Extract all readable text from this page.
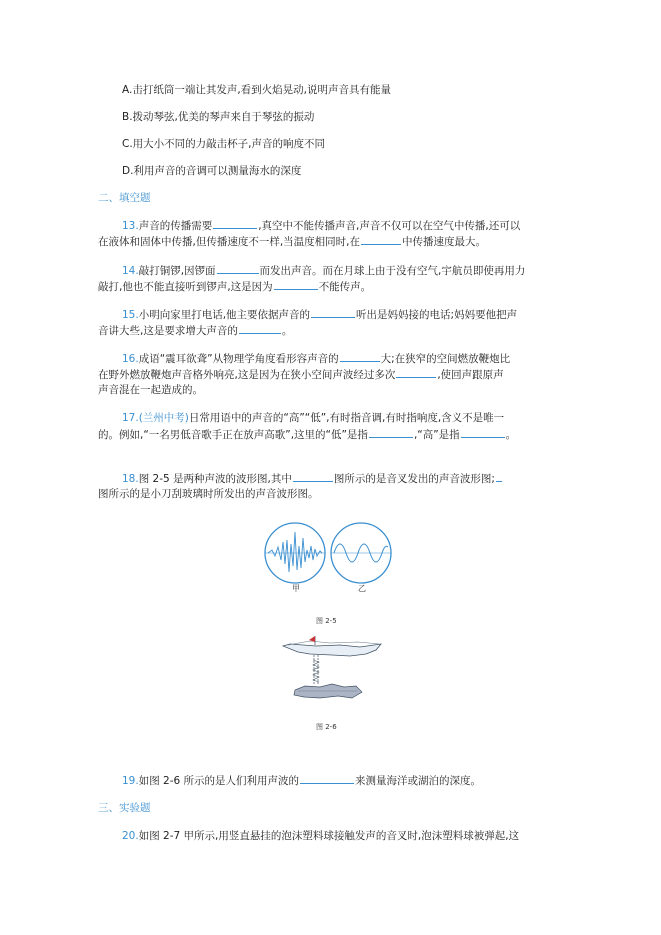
A.击打纸筒一端让其发声,看到火焰晃动,说明声音具有能量
B.拨动琴弦,优美的琴声来自于琴弦的振动
C.用大小不同的力敲击杯子,声音的响度不同
D.利用声音的音调可以测量海水的深度
二、填空题
13.声音的传播需要	,真空中不能传播声音,声音不仅可以在空气中传播,还可以
在液体和固体中传播,但传播速度不一样,当温度相同时,在	中传播速度最大。
14.敲打铜锣,因锣面	而发出声音。而在月球上由于没有空气,宇航员即使再用力
敲打,他也不能直接听到锣声,这是因为	不能传声。
15.小明向家里打电话,他主要依据声音的	听出是妈妈接的电话;妈妈要他把声
音讲大些,这是要求增大声音的	。
16.成语“震耳欲聋”从物理学角度看形容声音的	大;在狭窄的空间燃放鞭炮比
在野外燃放鞭炮声音格外响亮,这是因为在狭小空间声波经过多次	,使回声跟原声
声音混在一起造成的。
17.(兰州中考)日常用语中的声音的“高”“低”,有时指音调,有时指响度,含义不是唯一
的。例如,“一名男低音歌手正在放声高歌”,这里的“低”是指	,“高”是指	。
18.图 2-5 是两种声波的波形图,其中	图所示的是音叉发出的声音波形图;
图所示的是小刀刮玻璃时所发出的声音波形图。
甲	乙
图 2-5
图 2-6
19.如图 2-6 所示的是人们利用声波的	来测量海洋或湖泊的深度。
三、实验题
20.如图 2-7 甲所示,用竖直悬挂的泡沫塑料球接触发声的音叉时,泡沫塑料球被弹起,这
